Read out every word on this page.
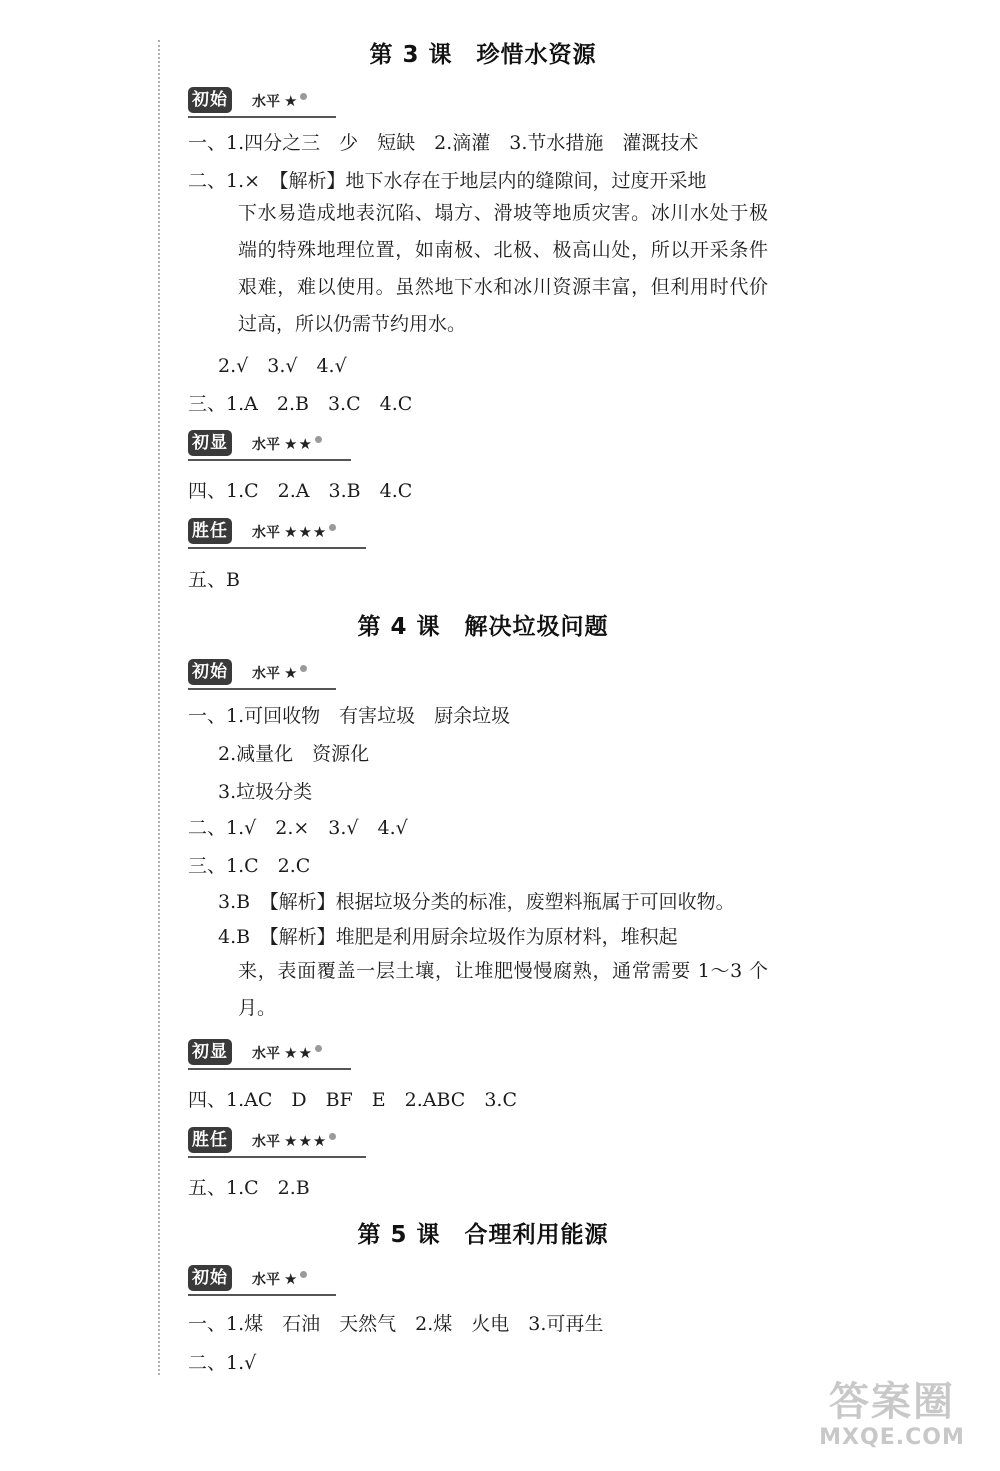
第 3 课　珍惜水资源
初始 水平 ★
一、1.四分之三　少　短缺　2.滴灌　3.节水措施　灌溉技术
二、1.×　【解析】地下水存在于地层内的缝隙间，过度开采地
下水易造成地表沉陷、塌方、滑坡等地质灾害。冰川水处于极端的特殊地理位置，如南极、北极、极高山处，所以开采条件艰难，难以使用。虽然地下水和冰川资源丰富，但利用时代价过高，所以仍需节约用水。
2.√　3.√　4.√
三、1.A　2.B　3.C　4.C
初显 水平 ★★
四、1.C　2.A　3.B　4.C
胜任 水平 ★★★
五、B
第 4 课　解决垃圾问题
初始 水平 ★
一、1.可回收物　有害垃圾　厨余垃圾
2.减量化　资源化
3.垃圾分类
二、1.√　2.×　3.√　4.√
三、1.C　2.C
3.B　【解析】根据垃圾分类的标准，废塑料瓶属于可回收物。
4.B　【解析】堆肥是利用厨余垃圾作为原材料，堆积起
来，表面覆盖一层土壤，让堆肥慢慢腐熟，通常需要 1～3 个月。
初显 水平 ★★
四、1.AC　D　BF　E　2.ABC　3.C
胜任 水平 ★★★
五、1.C　2.B
第 5 课　合理利用能源
初始 水平 ★
一、1.煤　石油　天然气　2.煤　火电　3.可再生
二、1.√
答案圈
MXQE.COM
